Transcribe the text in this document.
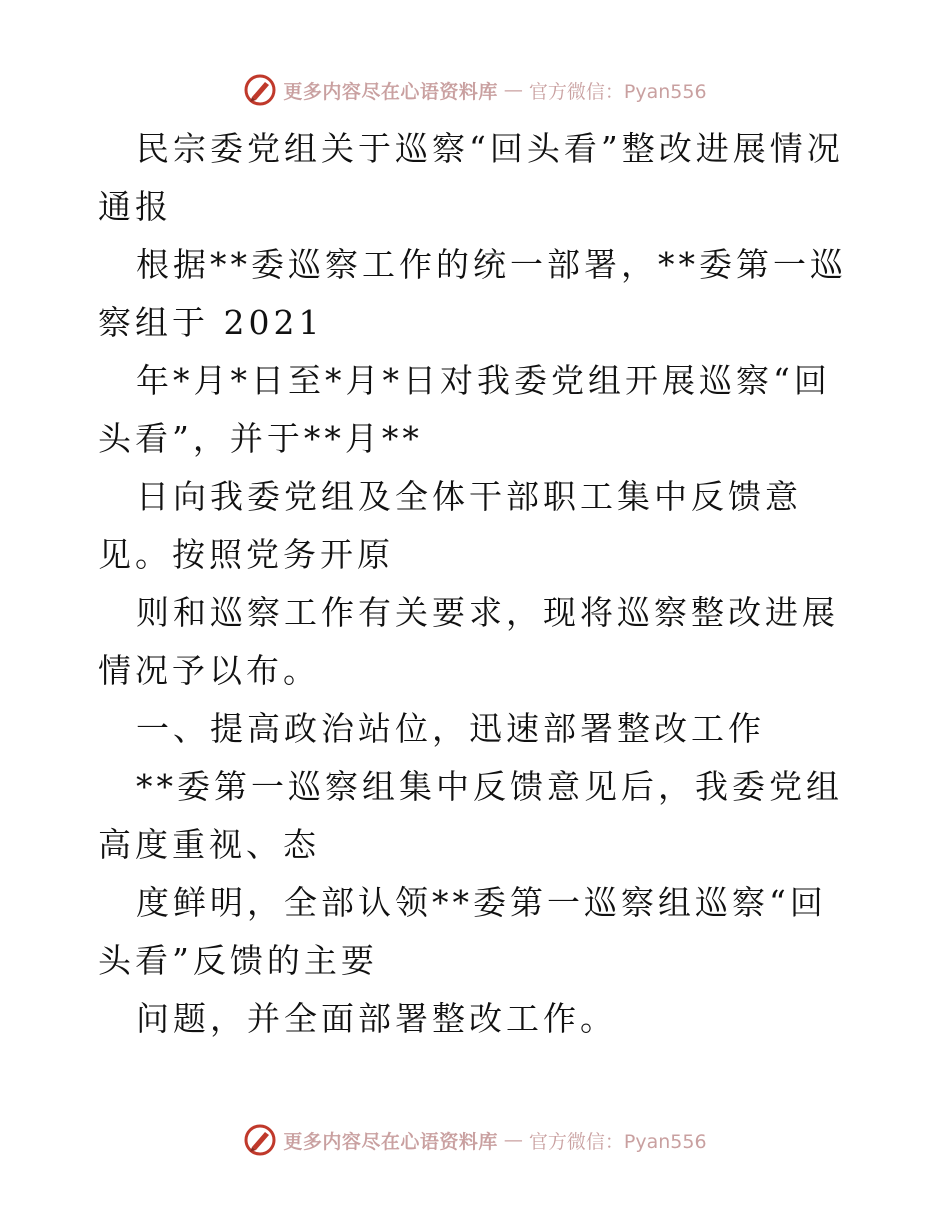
更多内容尽在心语资料库 — 官方微信：Pyan556

民宗委党组关于巡察“回头看”整改进展情况通报

根据**委巡察工作的统一部署，**委第一巡察组于 2021

年*月*日至*月*日对我委党组开展巡察“回头看”，并于**月**

日向我委党组及全体干部职工集中反馈意见。按照党务开原

则和巡察工作有关要求，现将巡察整改进展情况予以布。

一、提高政治站位，迅速部署整改工作

**委第一巡察组集中反馈意见后，我委党组高度重视、态

度鲜明，全部认领**委第一巡察组巡察“回头看”反馈的主要

问题，并全面部署整改工作。

更多内容尽在心语资料库 — 官方微信：Pyan556
